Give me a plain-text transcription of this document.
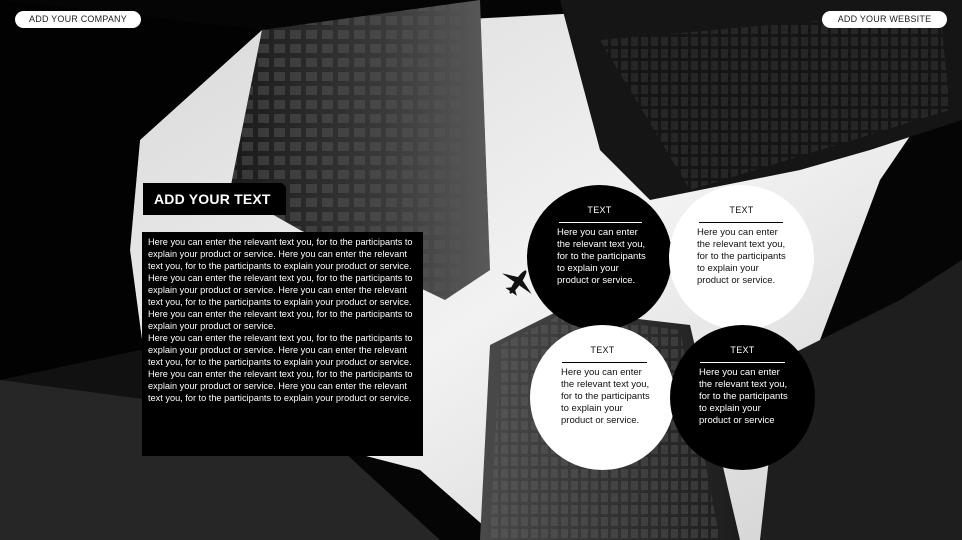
ADD YOUR COMPANY	ADD YOUR WEBSITE
ADD YOUR TEXT

Here you can enter the relevant text you, for to the participants to explain your product or service. Here you can enter the relevant text you, for to the participants to explain your product or service.

Here you can enter the relevant text you, for to the participants to explain your product or service. Here you can enter the relevant text you, for to the participants to explain your product or service. Here you can enter the relevant text you, for to the participants to explain your product or service.

Here you can enter the relevant text you, for to the participants to explain your product or service. Here you can enter the relevant text you, for to the participants to explain your product or service.

Here you can enter the relevant text you, for to the participants to explain your product or service. Here you can enter the relevant text you, for to the participants to explain your product or service.

TEXT
Here you can enter the relevant text you, for to the participants to explain your product or service.
TEXT
Here you can enter the relevant text you, for to the participants to explain your product or service.
TEXT
Here you can enter the relevant text you, for to the participants to explain your product or service.
TEXT
Here you can enter the relevant text you, for to the participants to explain your product or service
